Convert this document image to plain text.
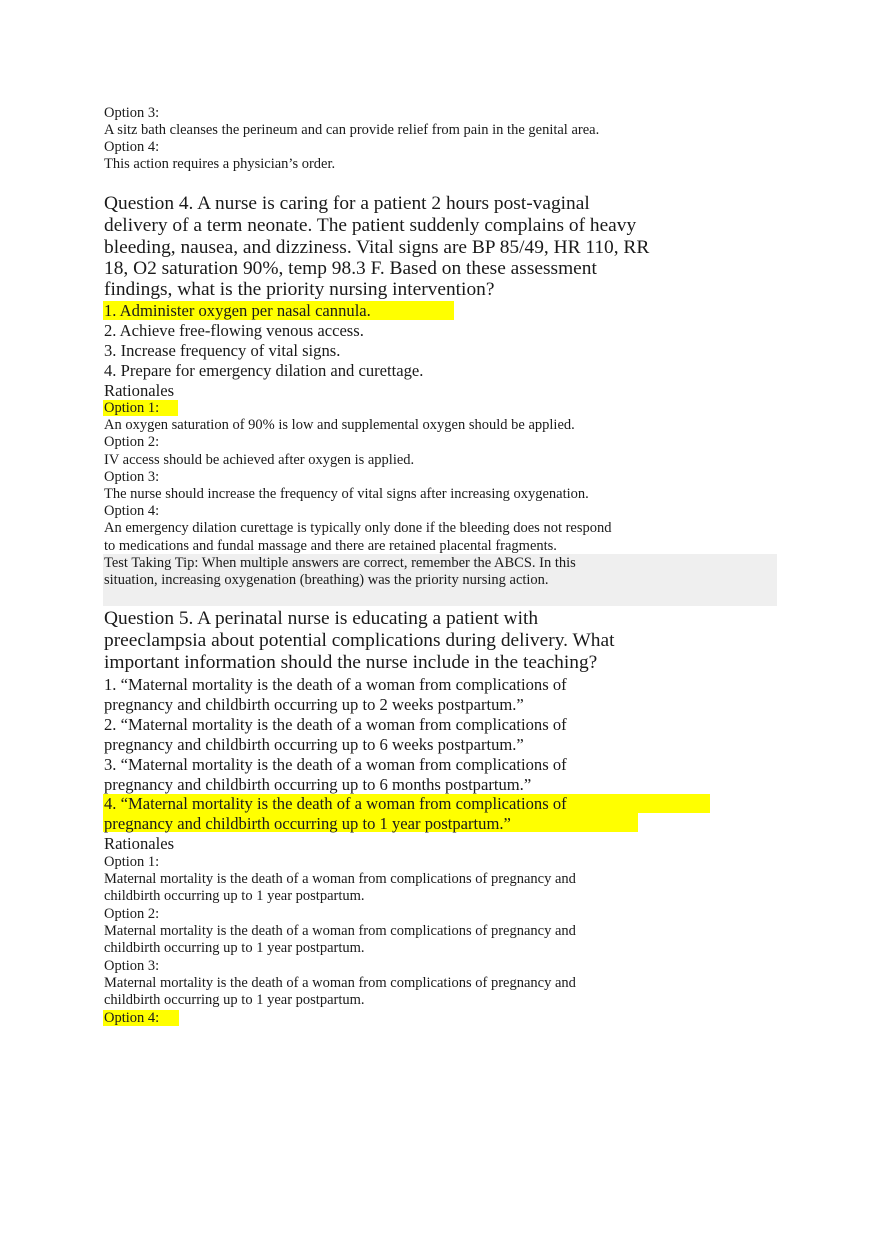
Option 3:
A sitz bath cleanses the perineum and can provide relief from pain in the genital area.
Option 4:
This action requires a physician’s order.
Question 4. A nurse is caring for a patient 2 hours post-vaginal
delivery of a term neonate. The patient suddenly complains of heavy
bleeding, nausea, and dizziness. Vital signs are BP 85/49, HR 110, RR
18, O2 saturation 90%, temp 98.3 F. Based on these assessment
findings, what is the priority nursing intervention?
1. Administer oxygen per nasal cannula.
2. Achieve free-flowing venous access.
3. Increase frequency of vital signs.
4. Prepare for emergency dilation and curettage.
Rationales
Option 1:
An oxygen saturation of 90% is low and supplemental oxygen should be applied.
Option 2:
IV access should be achieved after oxygen is applied.
Option 3:
The nurse should increase the frequency of vital signs after increasing oxygenation.
Option 4:
An emergency dilation curettage is typically only done if the bleeding does not respond
to medications and fundal massage and there are retained placental fragments.
Test Taking Tip: When multiple answers are correct, remember the ABCS. In this
situation, increasing oxygenation (breathing) was the priority nursing action.
Question 5. A perinatal nurse is educating a patient with
preeclampsia about potential complications during delivery. What
important information should the nurse include in the teaching?
1. “Maternal mortality is the death of a woman from complications of
pregnancy and childbirth occurring up to 2 weeks postpartum.”
2. “Maternal mortality is the death of a woman from complications of
pregnancy and childbirth occurring up to 6 weeks postpartum.”
3. “Maternal mortality is the death of a woman from complications of
pregnancy and childbirth occurring up to 6 months postpartum.”
4. “Maternal mortality is the death of a woman from complications of
pregnancy and childbirth occurring up to 1 year postpartum.”
Rationales
Option 1:
Maternal mortality is the death of a woman from complications of pregnancy and
childbirth occurring up to 1 year postpartum.
Option 2:
Maternal mortality is the death of a woman from complications of pregnancy and
childbirth occurring up to 1 year postpartum.
Option 3:
Maternal mortality is the death of a woman from complications of pregnancy and
childbirth occurring up to 1 year postpartum.
Option 4:
